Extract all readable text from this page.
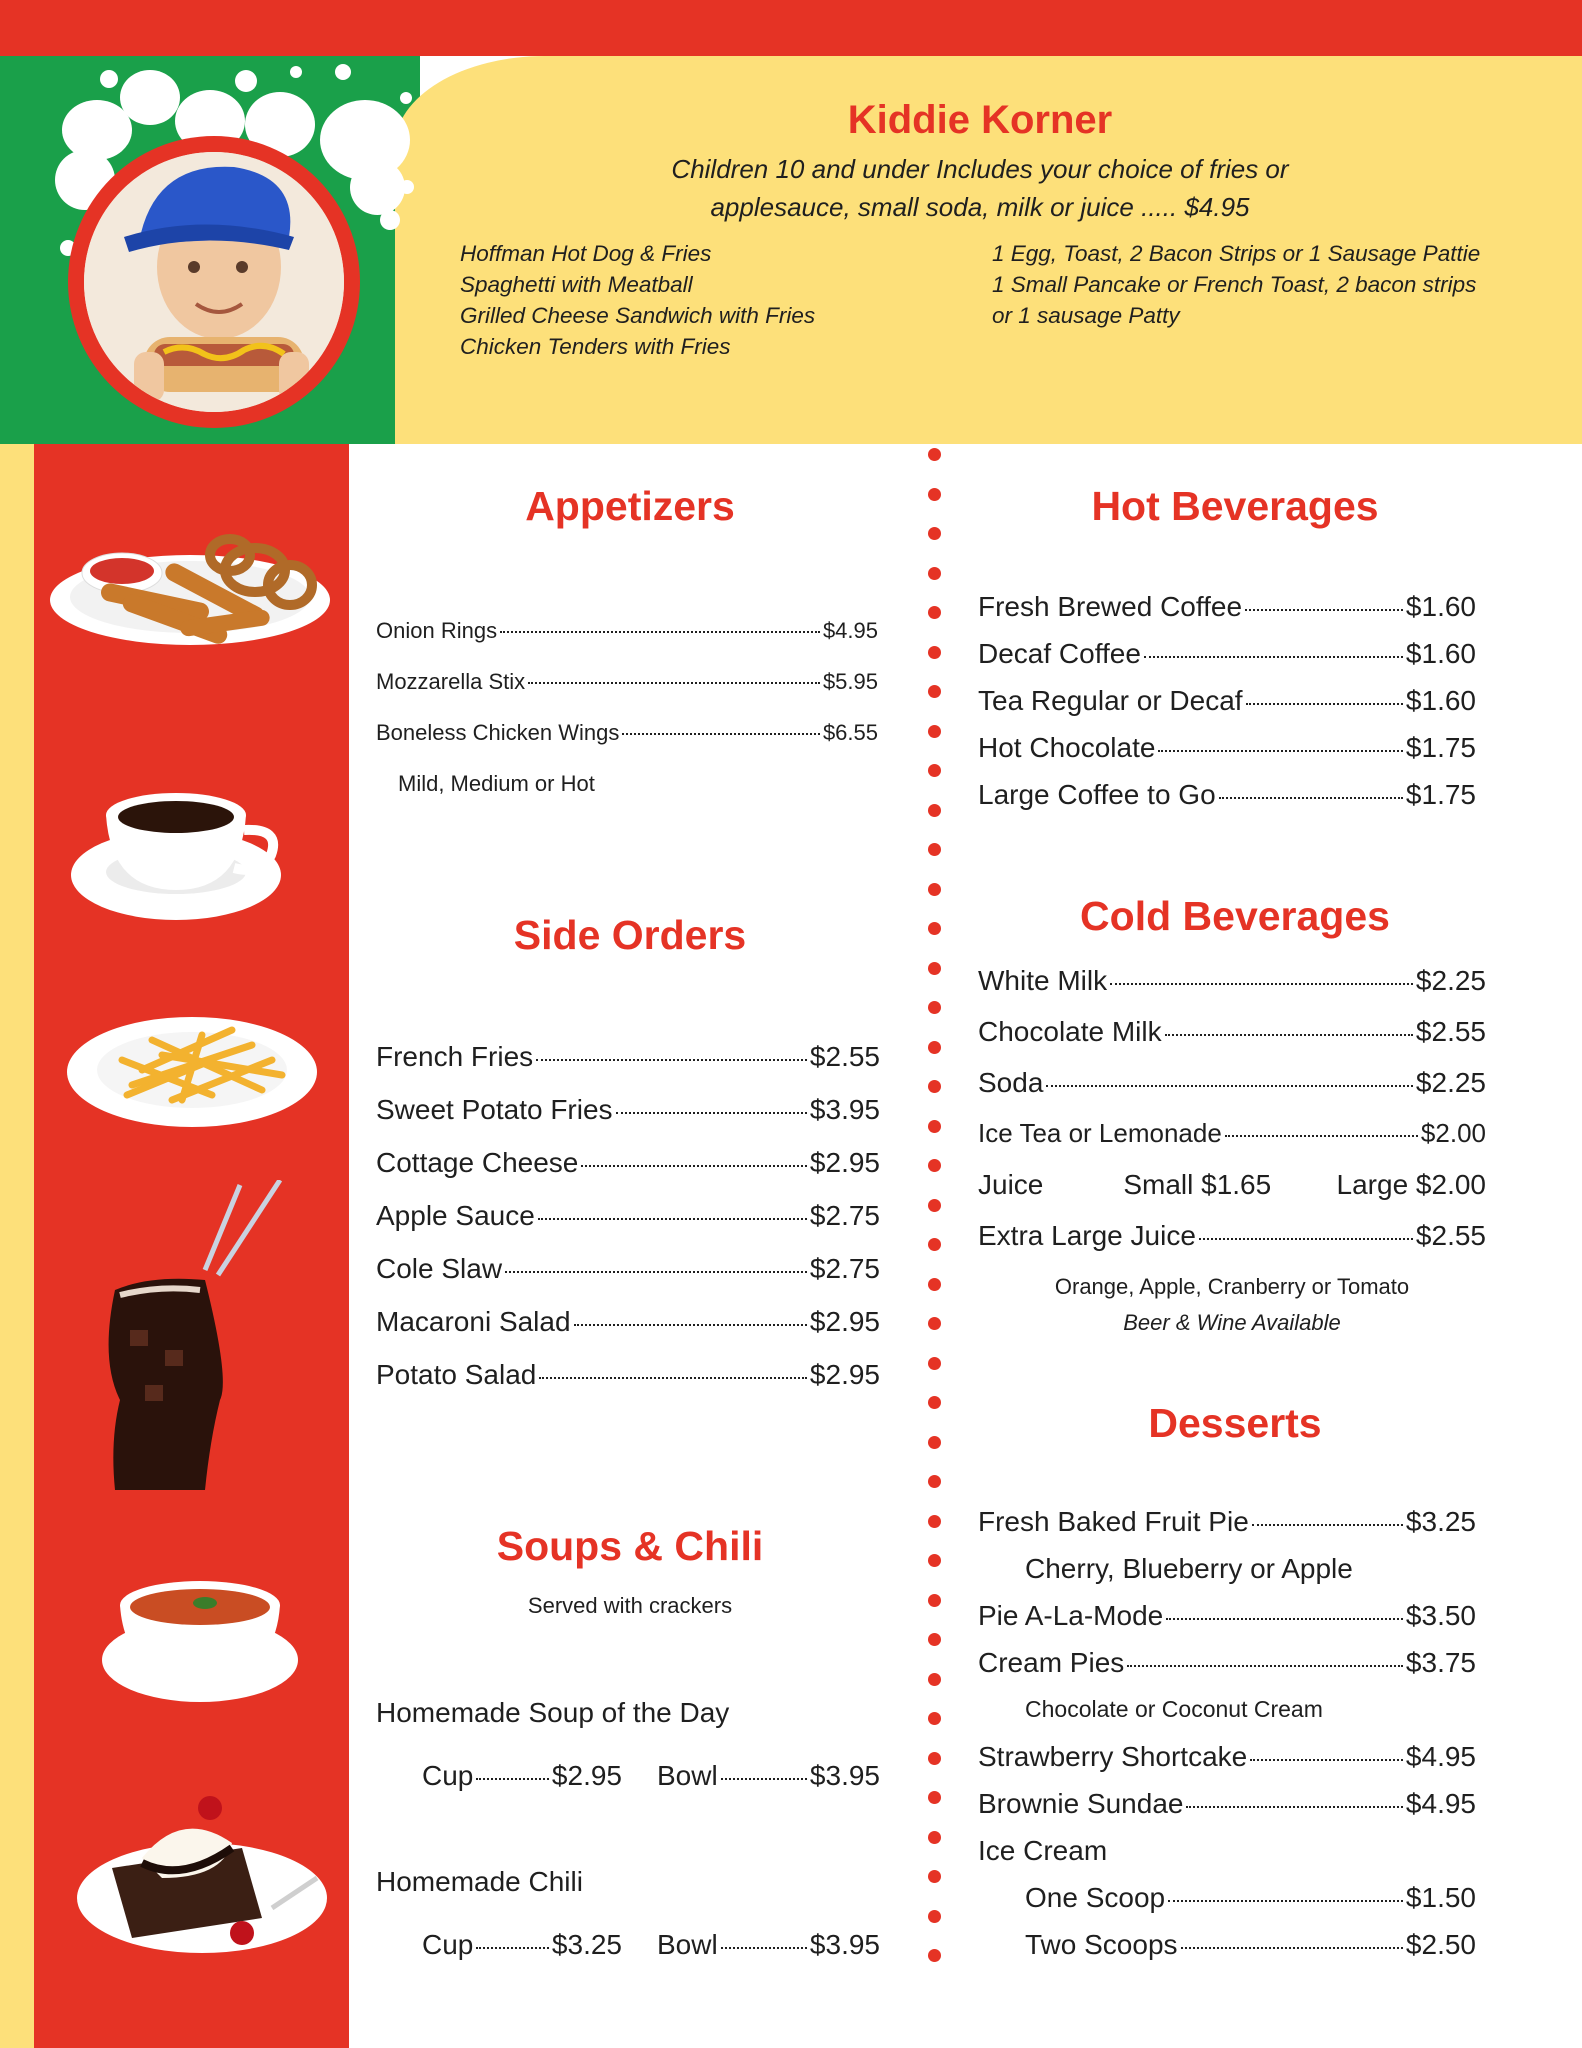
Kiddie Korner
Children 10 and under Includes your choice of fries or
applesauce, small soda, milk or juice ..... $4.95
Hoffman Hot Dog & Fries
Spaghetti with Meatball
Grilled Cheese Sandwich with Fries
Chicken Tenders with Fries
1 Egg, Toast, 2 Bacon Strips or 1 Sausage Pattie
1 Small Pancake or French Toast, 2 bacon strips
or 1 sausage Patty
Appetizers
Onion Rings	$4.95
Mozzarella Stix	$5.95
Boneless Chicken Wings	$6.55
Mild, Medium or Hot
Side Orders
French Fries	$2.55
Sweet Potato Fries	$3.95
Cottage Cheese	$2.95
Apple Sauce	$2.75
Cole Slaw	$2.75
Macaroni Salad	$2.95
Potato Salad	$2.95
Soups & Chili
Served with crackers
Homemade Soup of the Day
Cup	$2.95 Bowl	$3.95
Homemade Chili
Cup	$3.25 Bowl	$3.95
Hot Beverages
Fresh Brewed Coffee	$1.60
Decaf Coffee	$1.60
Tea Regular or Decaf	$1.60
Hot Chocolate	$1.75
Large Coffee to Go	$1.75
Cold Beverages
White Milk	$2.25
Chocolate Milk	$2.55
Soda	$2.25
Ice Tea or Lemonade	$2.00
Juice	Small $1.65 Large $2.00
Extra Large Juice	$2.55
Orange, Apple, Cranberry or Tomato
Beer & Wine Available
Desserts
Fresh Baked Fruit Pie	$3.25
Cherry, Blueberry or Apple
Pie A-La-Mode	$3.50
Cream Pies	$3.75
Chocolate or Coconut Cream
Strawberry Shortcake	$4.95
Brownie Sundae	$4.95
Ice Cream
One Scoop	$1.50
Two Scoops	$2.50
